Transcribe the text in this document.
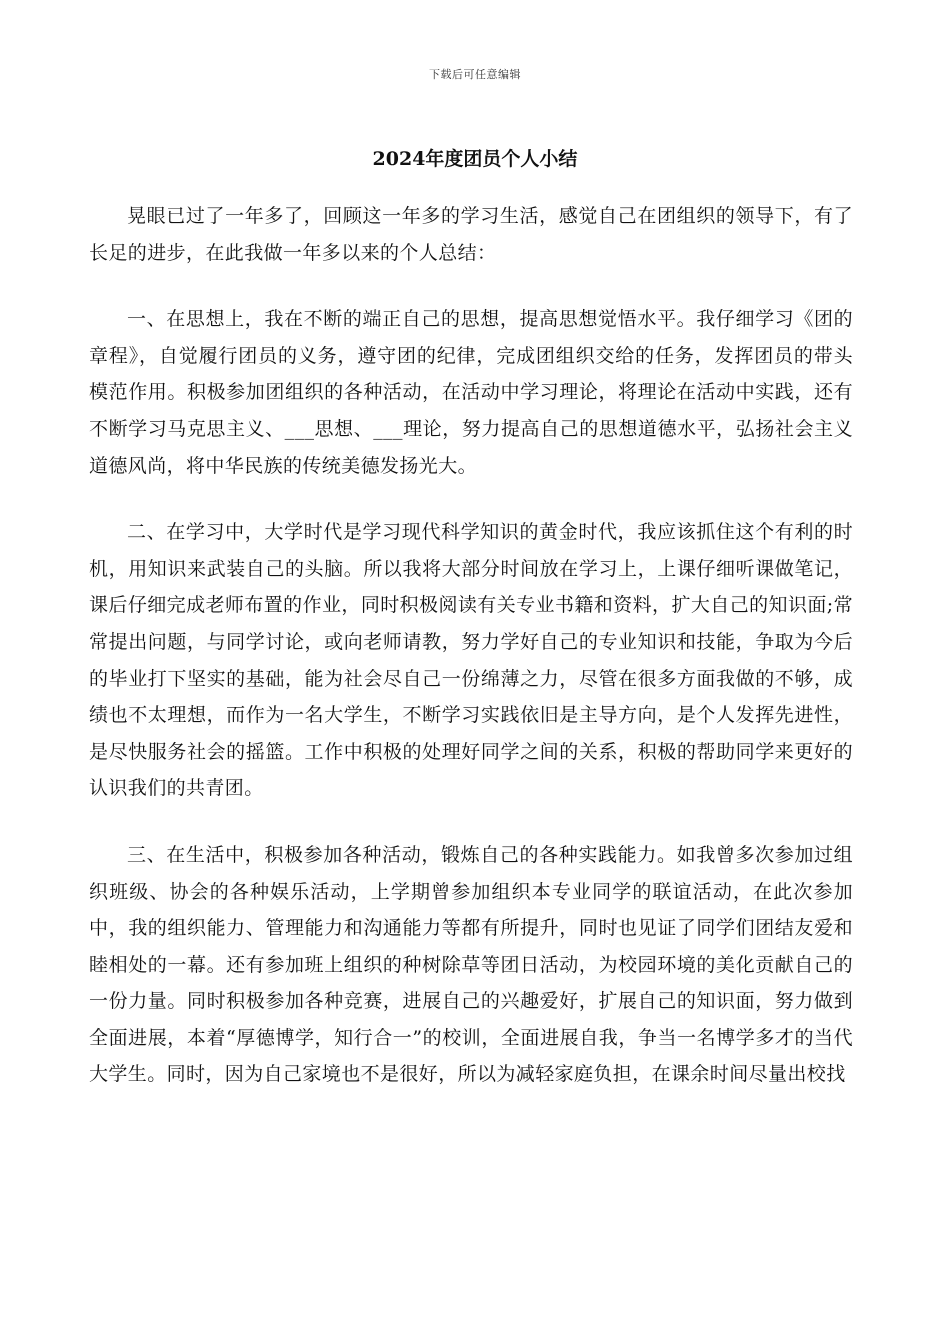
下载后可任意编辑
2024年度团员个人小结

晃眼已过了一年多了，回顾这一年多的学习生活，感觉自己在团组织的领导下，有了长足的进步，在此我做一年多以来的个人总结：

一、在思想上，我在不断的端正自己的思想，提高思想觉悟水平。我仔细学习《团的章程》，自觉履行团员的义务，遵守团的纪律，完成团组织交给的任务，发挥团员的带头模范作用。积极参加团组织的各种活动，在活动中学习理论，将理论在活动中实践，还有不断学习马克思主义、___思想、___理论，努力提高自己的思想道德水平，弘扬社会主义道德风尚，将中华民族的传统美德发扬光大。

二、在学习中，大学时代是学习现代科学知识的黄金时代，我应该抓住这个有利的时机，用知识来武装自己的头脑。所以我将大部分时间放在学习上，上课仔细听课做笔记，课后仔细完成老师布置的作业，同时积极阅读有关专业书籍和资料，扩大自己的知识面;常常提出问题，与同学讨论，或向老师请教，努力学好自己的专业知识和技能，争取为今后的毕业打下坚实的基础，能为社会尽自己一份绵薄之力，尽管在很多方面我做的不够，成绩也不太理想，而作为一名大学生，不断学习实践依旧是主导方向，是个人发挥先进性，是尽快服务社会的摇篮。工作中积极的处理好同学之间的关系，积极的帮助同学来更好的认识我们的共青团。

三、在生活中，积极参加各种活动，锻炼自己的各种实践能力。如我曾多次参加过组织班级、协会的各种娱乐活动，上学期曾参加组织本专业同学的联谊活动，在此次参加中，我的组织能力、管理能力和沟通能力等都有所提升，同时也见证了同学们团结友爱和睦相处的一幕。还有参加班上组织的种树除草等团日活动，为校园环境的美化贡献自己的一份力量。同时积极参加各种竞赛，进展自己的兴趣爱好，扩展自己的知识面，努力做到全面进展，本着“厚德博学，知行合一”的校训，全面进展自我，争当一名博学多才的当代大学生。同时，因为自己家境也不是很好，所以为减轻家庭负担，在课余时间尽量出校找
